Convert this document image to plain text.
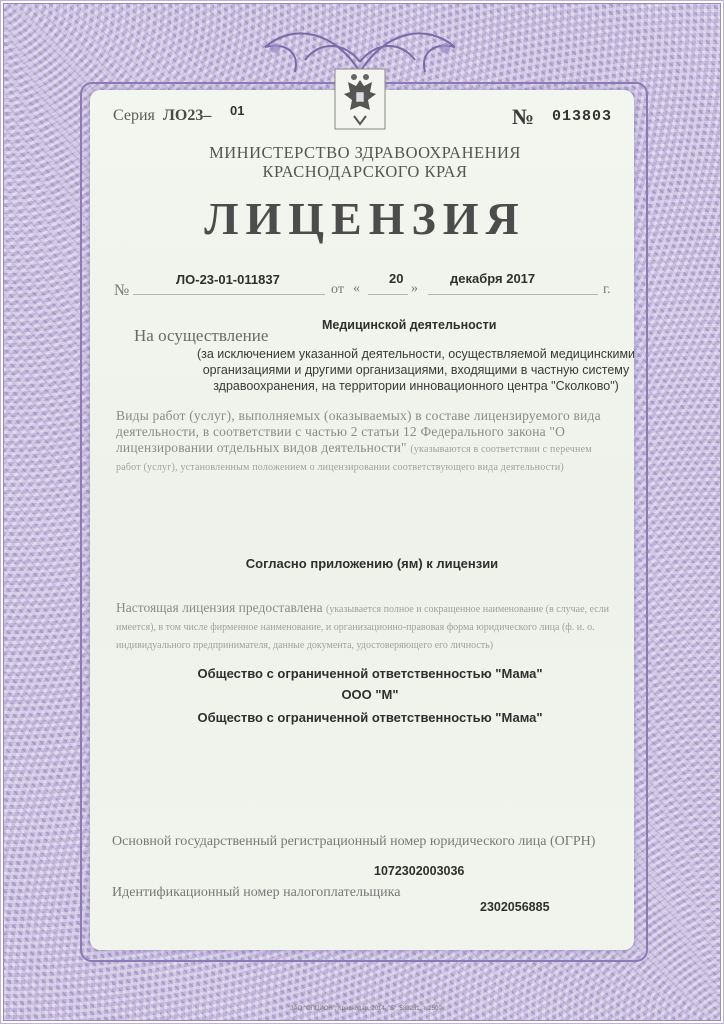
Серия ЛО23– 01	№ 013803
МИНИСТЕРСТВО ЗДРАВООХРАНЕНИЯ
КРАСНОДАРСКОГО КРАЯ
ЛИЦЕНЗИЯ
№
ЛО-23-01-011837
от «
20
»
декабря 2017
г.
Медицинской деятельности
На осуществление
(за исключением указанной деятельности, осуществляемой медицинскими организациями и другими организациями, входящими в частную систему здравоохранения, на территории инновационного центра "Сколково")
Виды работ (услуг), выполняемых (оказываемых) в составе лицензируемого вида деятельности, в соответствии с частью 2 статьи 12 Федерального закона "О лицензировании отдельных видов деятельности" (указываются в соответствии с перечнем работ (услуг), установленным положением о лицензировании соответствующего вида деятельности)
Согласно приложению (ям) к лицензии
Настоящая лицензия предоставлена (указывается полное и сокращенное наименование (в случае, если имеется), в том числе фирменное наименование, и организационно-правовая форма юридического лица (ф. и. о. индивидуального предпринимателя, данные документа, удостоверяющего его личность)
Общество с ограниченной ответственностью "Мама"
ООО "М"
Общество с ограниченной ответственностью "Мама"
Основной государственный регистрационный номер юридического лица (ОГРН)
1072302003036
Идентификационный номер налогоплательщика
2302056885
ЗАО "ОПЦИОН", Краснодар, 2014, "Б", 580231, т. 2500.
